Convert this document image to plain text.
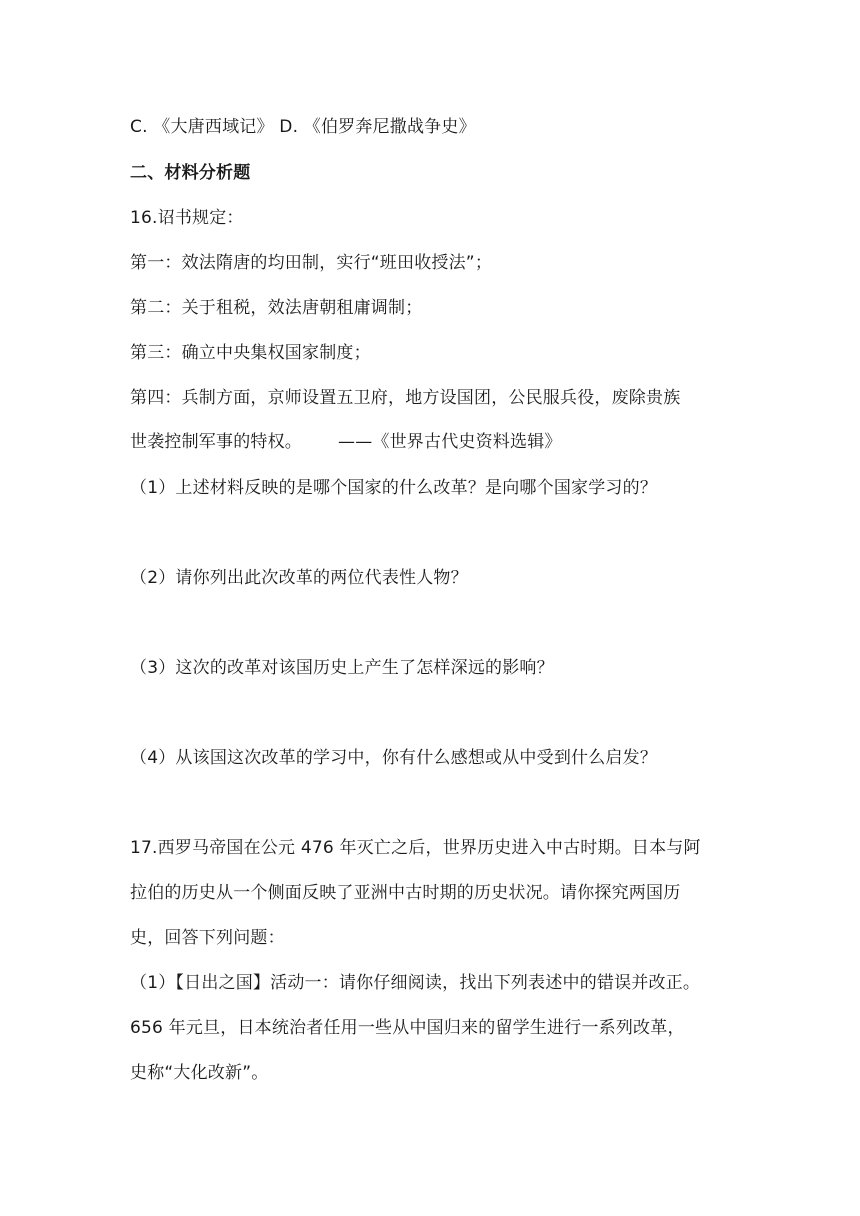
C. 《大唐西域记》 D. 《伯罗奔尼撒战争史》
二、材料分析题
16.诏书规定：
第一：效法隋唐的均田制，实行“班田收授法”；
第二：关于租税，效法唐朝租庸调制；
第三：确立中央集权国家制度；
第四：兵制方面，京师设置五卫府，地方设国团，公民服兵役，废除贵族
世袭控制军事的特权。 ——《世界古代史资料选辑》
（1）上述材料反映的是哪个国家的什么改革？是向哪个国家学习的？
（2）请你列出此次改革的两位代表性人物？
（3）这次的改革对该国历史上产生了怎样深远的影响？
（4）从该国这次改革的学习中，你有什么感想或从中受到什么启发？
17.西罗马帝国在公元 476 年灭亡之后，世界历史进入中古时期。日本与阿
拉伯的历史从一个侧面反映了亚洲中古时期的历史状况。请你探究两国历
史，回答下列问题：
（1）【日出之国】活动一：请你仔细阅读，找出下列表述中的错误并改正。
656 年元旦，日本统治者任用一些从中国归来的留学生进行一系列改革，
史称“大化改新”。
